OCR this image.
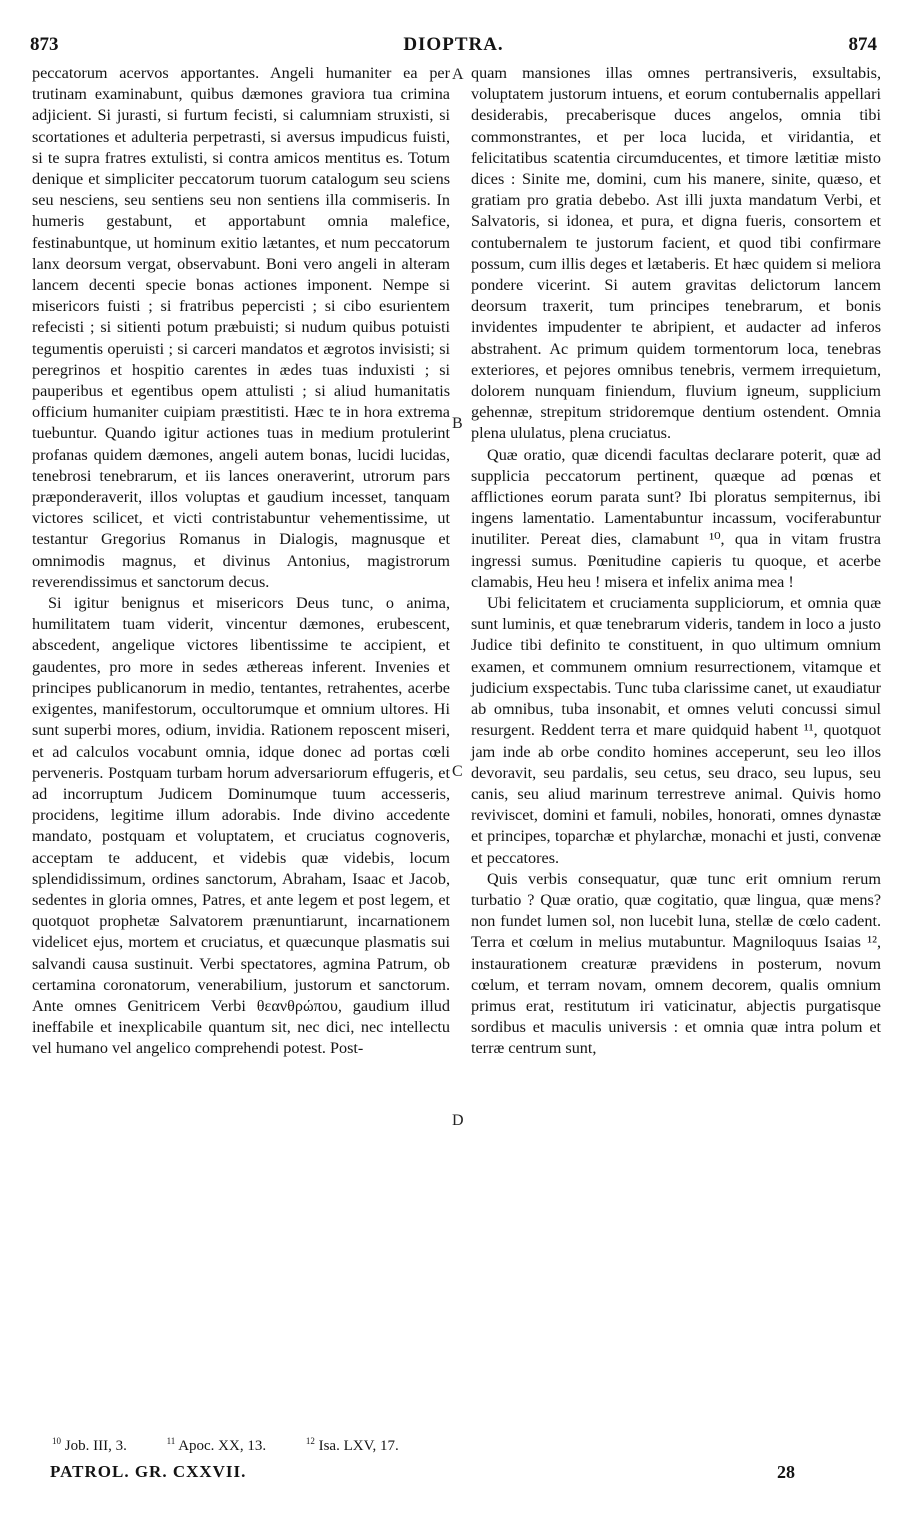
873	DIOPTRA.	874
A
B
C
D

peccatorum acervos apportantes. Angeli humaniter ea per trutinam examinabunt, quibus dæmones graviora tua crimina adjicient. Si jurasti, si furtum fecisti, si calumniam struxisti, si scortationes et adulteria perpetrasti, si aversus impudicus fuisti, si te supra fratres extulisti, si contra amicos mentitus es. Totum denique et simpliciter peccatorum tuorum catalogum seu sciens seu nesciens, seu sentiens seu non sentiens illa commiseris. In humeris gestabunt, et apportabunt omnia malefice, festinabuntque, ut hominum exitio lætantes, et num peccatorum lanx deorsum vergat, observabunt. Boni vero angeli in alteram lancem decenti specie bonas actiones imponent. Nempe si misericors fuisti ; si fratribus pepercisti ; si cibo esurientem refecisti ; si sitienti potum præbuisti; si nudum quibus potuisti tegumentis operuisti ; si carceri mandatos et ægrotos invisisti; si peregrinos et hospitio carentes in ædes tuas induxisti ; si pauperibus et egentibus opem attulisti ; si aliud humanitatis officium humaniter cuipiam præstitisti. Hæc te in hora extrema tuebuntur. Quando igitur actiones tuas in medium protulerint profanas quidem dæmones, angeli autem bonas, lucidi lucidas, tenebrosi tenebrarum, et iis lances oneraverint, utrorum pars præponderaverit, illos voluptas et gaudium incesset, tanquam victores scilicet, et victi contristabuntur vehementissime, ut testantur Gregorius Romanus in Dialogis, magnusque et omnimodis magnus, et divinus Antonius, magistrorum reverendissimus et sanctorum decus.

Si igitur benignus et misericors Deus tunc, o anima, humilitatem tuam viderit, vincentur dæmones, erubescent, abscedent, angelique victores libentissime te accipient, et gaudentes, pro more in sedes æthereas inferent. Invenies et principes publicanorum in medio, tentantes, retrahentes, acerbe exigentes, manifestorum, occultorumque et omnium ultores. Hi sunt superbi mores, odium, invidia. Rationem reposcent miseri, et ad calculos vocabunt omnia, idque donec ad portas cœli perveneris. Postquam turbam horum adversariorum effugeris, et ad incorruptum Judicem Dominumque tuum accesseris, procidens, legitime illum adorabis. Inde divino accedente mandato, postquam et voluptatem, et cruciatus cognoveris, acceptam te adducent, et videbis quæ videbis, locum splendidissimum, ordines sanctorum, Abraham, Isaac et Jacob, sedentes in gloria omnes, Patres, et ante legem et post legem, et quotquot prophetæ Salvatorem prænuntiarunt, incarnationem videlicet ejus, mortem et cruciatus, et quæcunque plasmatis sui salvandi causa sustinuit. Verbi spectatores, agmina Patrum, ob certamina coronatorum, venerabilium, justorum et sanctorum. Ante omnes Genitricem Verbi θεανθρώπου, gaudium illud ineffabile et inexplicabile quantum sit, nec dici, nec intellectu vel humano vel angelico comprehendi potest. Post-

quam mansiones illas omnes pertransiveris, exsultabis, voluptatem justorum intuens, et eorum contubernalis appellari desiderabis, precaberisque duces angelos, omnia tibi commonstrantes, et per loca lucida, et viridantia, et felicitatibus scatentia circumducentes, et timore lætitiæ misto dices : Sinite me, domini, cum his manere, sinite, quæso, et gratiam pro gratia debebo. Ast illi juxta mandatum Verbi, et Salvatoris, si idonea, et pura, et digna fueris, consortem et contubernalem te justorum facient, et quod tibi confirmare possum, cum illis deges et lætaberis. Et hæc quidem si meliora pondere vicerint. Si autem gravitas delictorum lancem deorsum traxerit, tum principes tenebrarum, et bonis invidentes impudenter te abripient, et audacter ad inferos abstrahent. Ac primum quidem tormentorum loca, tenebras exteriores, et pejores omnibus tenebris, vermem irrequietum, dolorem nunquam finiendum, fluvium igneum, supplicium gehennæ, strepitum stridoremque dentium ostendent. Omnia plena ululatus, plena cruciatus.

Quæ oratio, quæ dicendi facultas declarare poterit, quæ ad supplicia peccatorum pertinent, quæque ad pœnas et afflictiones eorum parata sunt? Ibi ploratus sempiternus, ibi ingens lamentatio. Lamentabuntur incassum, vociferabuntur inutiliter. Pereat dies, clamabunt ¹⁰, qua in vitam frustra ingressi sumus. Pœnitudine capieris tu quoque, et acerbe clamabis, Heu heu ! misera et infelix anima mea !

Ubi felicitatem et cruciamenta suppliciorum, et omnia quæ sunt luminis, et quæ tenebrarum videris, tandem in loco a justo Judice tibi definito te constituent, in quo ultimum omnium examen, et communem omnium resurrectionem, vitamque et judicium exspectabis. Tunc tuba clarissime canet, ut exaudiatur ab omnibus, tuba insonabit, et omnes veluti concussi simul resurgent. Reddent terra et mare quidquid habent ¹¹, quotquot jam inde ab orbe condito homines acceperunt, seu leo illos devoravit, seu pardalis, seu cetus, seu draco, seu lupus, seu canis, seu aliud marinum terrestreve animal. Quivis homo reviviscet, domini et famuli, nobiles, honorati, omnes dynastæ et principes, toparchæ et phylarchæ, monachi et justi, convenæ et peccatores.

Quis verbis consequatur, quæ tunc erit omnium rerum turbatio ? Quæ oratio, quæ cogitatio, quæ lingua, quæ mens? non fundet lumen sol, non lucebit luna, stellæ de cœlo cadent. Terra et cœlum in melius mutabuntur. Magniloquus Isaias ¹², instaurationem creaturæ prævidens in posterum, novum cœlum, et terram novam, omnem decorem, qualis omnium primus erat, restitutum iri vaticinatur, abjectis purgatisque sordibus et maculis universis : et omnia quæ intra polum et terræ centrum sunt,

$^{10}$ Job. III, 3.	$^{11}$ Apoc. XX, 13.	$^{12}$ Isa. LXV, 17.
PATROL. GR. CXXVII.	28
